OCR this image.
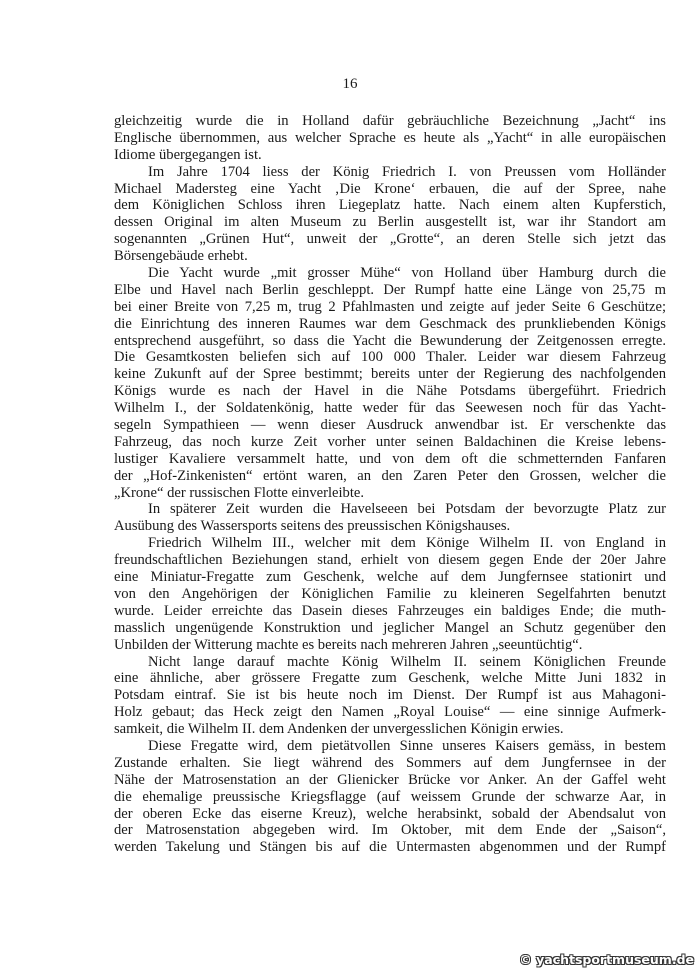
16
gleichzeitig wurde die in Holland dafür gebräuchliche Bezeichnung „Jacht“ ins
Englische übernommen, aus welcher Sprache es heute als „Yacht“ in alle europäischen
Idiome übergegangen ist.
Im Jahre 1704 liess der König Friedrich I. von Preussen vom Holländer
Michael Madersteg eine Yacht ‚Die Krone‘ erbauen, die auf der Spree, nahe
dem Königlichen Schloss ihren Liegeplatz hatte. Nach einem alten Kupferstich,
dessen Original im alten Museum zu Berlin ausgestellt ist, war ihr Standort am
sogenannten „Grünen Hut“, unweit der „Grotte“, an deren Stelle sich jetzt das
Börsengebäude erhebt.
Die Yacht wurde „mit grosser Mühe“ von Holland über Hamburg durch die
Elbe und Havel nach Berlin geschleppt. Der Rumpf hatte eine Länge von 25,75 m
bei einer Breite von 7,25 m, trug 2 Pfahlmasten und zeigte auf jeder Seite 6 Geschütze;
die Einrichtung des inneren Raumes war dem Geschmack des prunkliebenden Königs
entsprechend ausgeführt, so dass die Yacht die Bewunderung der Zeitgenossen erregte.
Die Gesamtkosten beliefen sich auf 100 000 Thaler. Leider war diesem Fahrzeug
keine Zukunft auf der Spree bestimmt; bereits unter der Regierung des nachfolgenden
Königs wurde es nach der Havel in die Nähe Potsdams übergeführt. Friedrich
Wilhelm I., der Soldatenkönig, hatte weder für das Seewesen noch für das Yacht-
segeln Sympathieen — wenn dieser Ausdruck anwendbar ist. Er verschenkte das
Fahrzeug, das noch kurze Zeit vorher unter seinen Baldachinen die Kreise lebens-
lustiger Kavaliere versammelt hatte, und von dem oft die schmetternden Fanfaren
der „Hof-Zinkenisten“ ertönt waren, an den Zaren Peter den Grossen, welcher die
„Krone“ der russischen Flotte einverleibte.
In späterer Zeit wurden die Havelseeen bei Potsdam der bevorzugte Platz zur
Ausübung des Wassersports seitens des preussischen Königshauses.
Friedrich Wilhelm III., welcher mit dem Könige Wilhelm II. von England in
freundschaftlichen Beziehungen stand, erhielt von diesem gegen Ende der 20er Jahre
eine Miniatur-Fregatte zum Geschenk, welche auf dem Jungfernsee stationirt und
von den Angehörigen der Königlichen Familie zu kleineren Segelfahrten benutzt
wurde. Leider erreichte das Dasein dieses Fahrzeuges ein baldiges Ende; die muth-
masslich ungenügende Konstruktion und jeglicher Mangel an Schutz gegenüber den
Unbilden der Witterung machte es bereits nach mehreren Jahren „seeuntüchtig“.
Nicht lange darauf machte König Wilhelm II. seinem Königlichen Freunde
eine ähnliche, aber grössere Fregatte zum Geschenk, welche Mitte Juni 1832 in
Potsdam eintraf. Sie ist bis heute noch im Dienst. Der Rumpf ist aus Mahagoni-
Holz gebaut; das Heck zeigt den Namen „Royal Louise“ — eine sinnige Aufmerk-
samkeit, die Wilhelm II. dem Andenken der unvergesslichen Königin erwies.
Diese Fregatte wird, dem pietätvollen Sinne unseres Kaisers gemäss, in bestem
Zustande erhalten. Sie liegt während des Sommers auf dem Jungfernsee in der
Nähe der Matrosenstation an der Glienicker Brücke vor Anker. An der Gaffel weht
die ehemalige preussische Kriegsflagge (auf weissem Grunde der schwarze Aar, in
der oberen Ecke das eiserne Kreuz), welche herabsinkt, sobald der Abendsalut von
der Matrosenstation abgegeben wird. Im Oktober, mit dem Ende der „Saison“,
werden Takelung und Stängen bis auf die Untermasten abgenommen und der Rumpf
© yachtsportmuseum.de
